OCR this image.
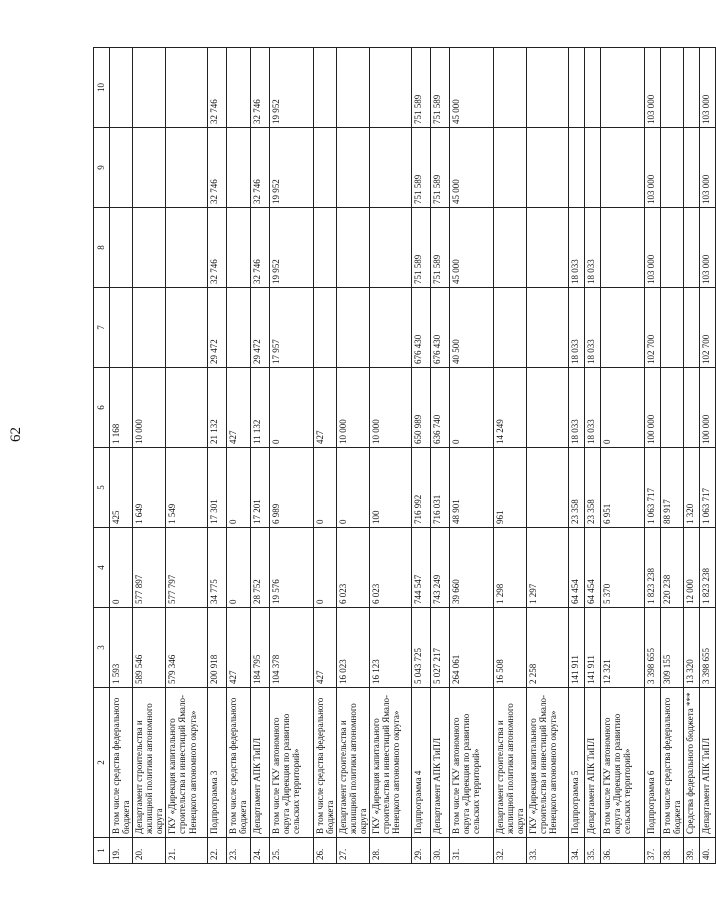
62
1	2	3	4	5	6	7	8	9	10
19.	В том числе средства федерального бюджета	1 593	0	425	1 168				
20.	Департамент строительства и жилищной политики автономного округа	589 546	577 897	1 649	10 000				
21.	ГКУ «Дирекция капитального строительства и инвестиций Ямало-Ненецкого автономного округа»	579 346	577 797	1 549					
22.	Подпрограмма 3	200 918	34 775	17 301	21 132	29 472	32 746	32 746	32 746
23.	В том числе средства федерального бюджета	427	0	0	427				
24.	Департамент АПК ТиПЛ	184 795	28 752	17 201	11 132	29 472	32 746	32 746	32 746
25.	В том числе ГКУ автономного округа «Дирекция по развитию сельских территорий»	104 378	19 576	6 989	0	17 957	19 952	19 952	19 952
26.	В том числе средства федерального бюджета	427	0	0	427				
27.	Департамент строительства и жилищной политики автономного округа	16 023	6 023	0	10 000				
28.	ГКУ «Дирекция капитального строительства и инвестиций Ямало-Ненецкого автономного округа»	16 123	6 023	100	10 000				
29.	Подпрограмма 4	5 043 725	744 547	716 992	650 989	676 430	751 589	751 589	751 589
30.	Департамент АПК ТиПЛ	5 027 217	743 249	716 031	636 740	676 430	751 589	751 589	751 589
31.	В том числе ГКУ автономного округа «Дирекция по развитию сельских территорий»	264 061	39 660	48 901	0	40 500	45 000	45 000	45 000
32.	Департамент строительства и жилищной политики автономного округа	16 508	1 298	961	14 249				
33.	ГКУ «Дирекция капитального строительства и инвестиций Ямало-Ненецкого автономного округа»	2 258	1 297						
34.	Подпрограмма 5	141 911	64 454	23 358	18 033	18 033	18 033		
35.	Департамент АПК ТиПЛ	141 911	64 454	23 358	18 033	18 033	18 033		
36.	В том числе ГКУ автономного округа «Дирекция по развитию сельских территорий»	12 321	5 370	6 951	0				
37.	Подпрограмма 6	3 398 655	1 823 238	1 063 717	100 000	102 700	103 000	103 000	103 000
38.	В том числе средства федерального бюджета	309 155	220 238	88 917					
39.	Средства федерального бюджета ***	13 320	12 000	1 320					
40.	Департамент АПК ТиПЛ	3 398 655	1 823 238	1 063 717	100 000	102 700	103 000	103 000	103 000
